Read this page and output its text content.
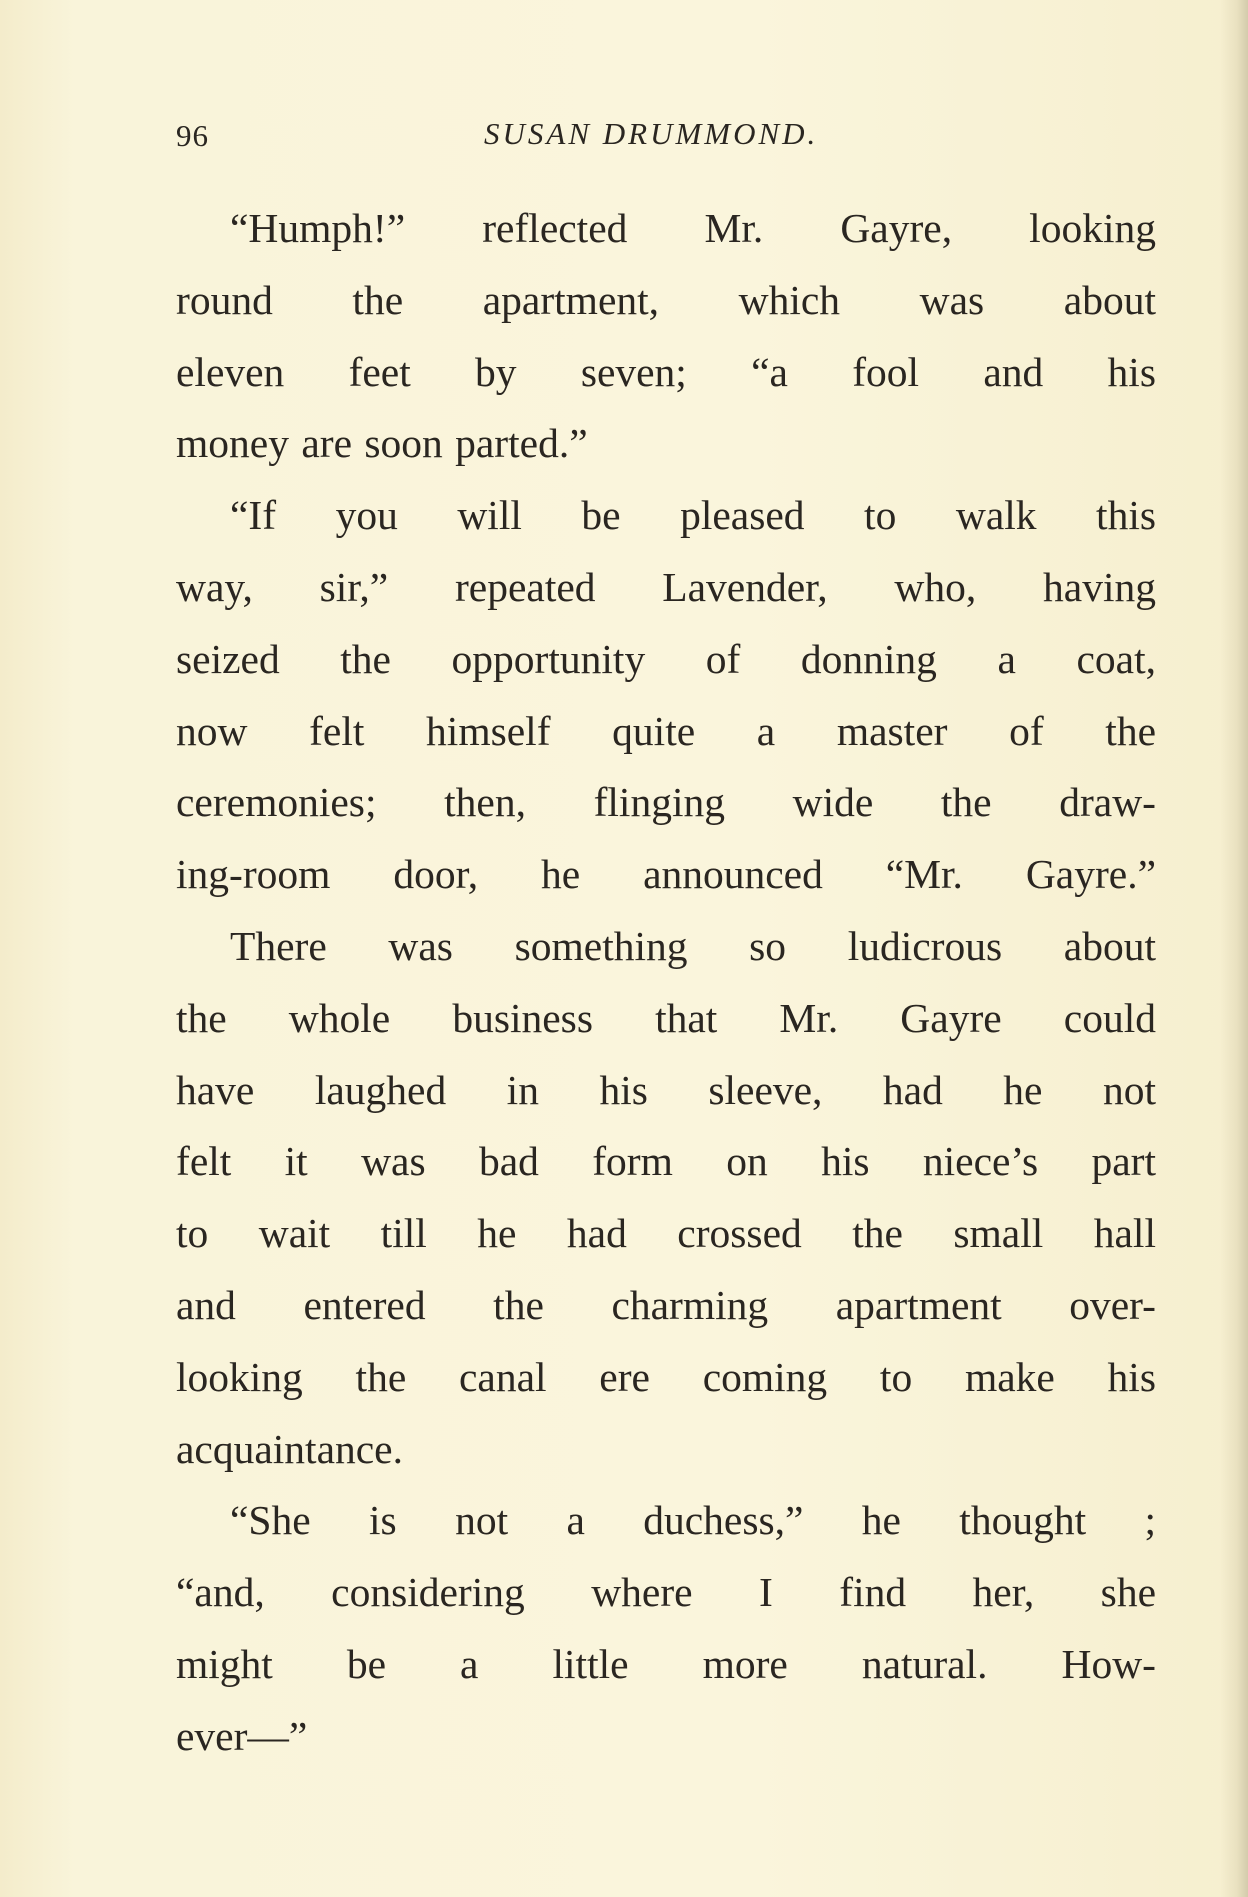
96	SUSAN DRUMMOND.
“Humph!” reflected Mr. Gayre, looking
round the apartment, which was about
eleven feet by seven; “a fool and his
money are soon parted.”
“If you will be pleased to walk this
way, sir,” repeated Lavender, who, having
seized the opportunity of donning a coat,
now felt himself quite a master of the
ceremonies; then, flinging wide the draw-
ing-room door, he announced “Mr. Gayre.”
There was something so ludicrous about
the whole business that Mr. Gayre could
have laughed in his sleeve, had he not
felt it was bad form on his niece’s part
to wait till he had crossed the small hall
and entered the charming apartment over-
looking the canal ere coming to make his
acquaintance.
“She is not a duchess,” he thought ;
“and, considering where I find her, she
might be a little more natural. How-
ever—”
